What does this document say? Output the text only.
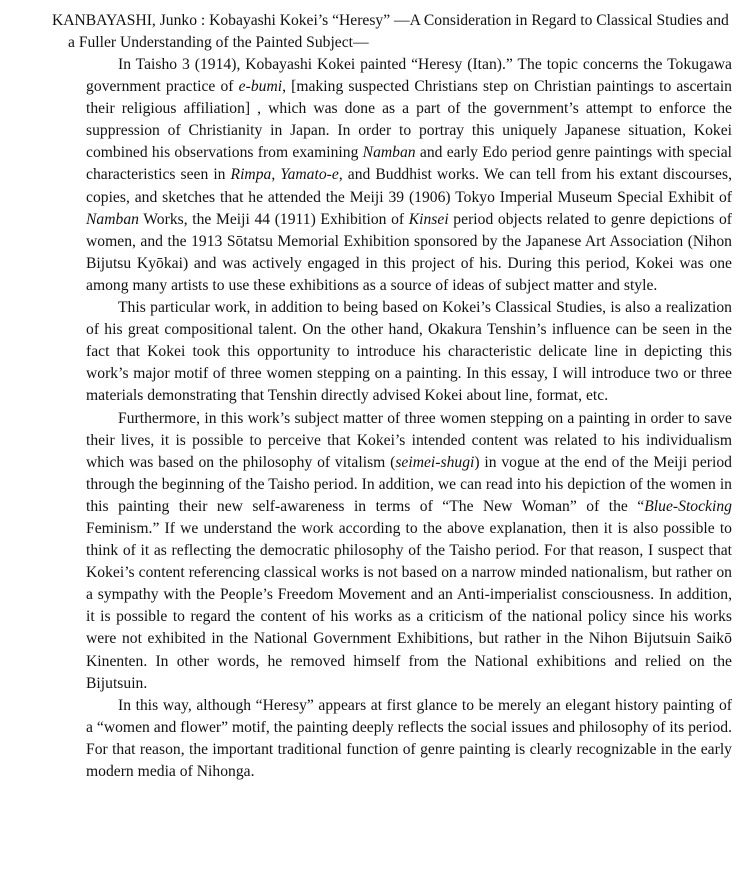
KANBAYASHI, Junko : Kobayashi Kokei’s “Heresy” —A Consideration in Regard to Classical Studies and a Fuller Understanding of the Painted Subject—

In Taisho 3 (1914), Kobayashi Kokei painted “Heresy (Itan).” The topic concerns the Tokugawa government practice of e-bumi, [making suspected Christians step on Christian paintings to ascertain their religious affiliation] , which was done as a part of the government’s attempt to enforce the suppression of Christianity in Japan. In order to portray this uniquely Japanese situation, Kokei combined his observations from examining Namban and early Edo period genre paintings with special characteristics seen in Rimpa, Yamato-e, and Buddhist works. We can tell from his extant discourses, copies, and sketches that he attended the Meiji 39 (1906) Tokyo Imperial Museum Special Exhibit of Namban Works, the Meiji 44 (1911) Exhibition of Kinsei period objects related to genre depictions of women, and the 1913 Sōtatsu Memorial Exhibition sponsored by the Japanese Art Association (Nihon Bijutsu Kyōkai) and was actively engaged in this project of his. During this period, Kokei was one among many artists to use these exhibitions as a source of ideas of subject matter and style.

This particular work, in addition to being based on Kokei’s Classical Studies, is also a realization of his great compositional talent. On the other hand, Okakura Tenshin’s influence can be seen in the fact that Kokei took this opportunity to introduce his characteristic delicate line in depicting this work’s major motif of three women stepping on a painting. In this essay, I will introduce two or three materials demonstrating that Tenshin directly advised Kokei about line, format, etc.

Furthermore, in this work’s subject matter of three women stepping on a painting in order to save their lives, it is possible to perceive that Kokei’s intended content was related to his individualism which was based on the philosophy of vitalism (seimei-shugi) in vogue at the end of the Meiji period through the beginning of the Taisho period. In addition, we can read into his depiction of the women in this painting their new self-awareness in terms of “The New Woman” of the “Blue-Stocking Feminism.” If we understand the work according to the above explanation, then it is also possible to think of it as reflecting the democratic philosophy of the Taisho period. For that reason, I suspect that Kokei’s content referencing classical works is not based on a narrow minded nationalism, but rather on a sympathy with the People’s Freedom Movement and an Anti-imperialist consciousness. In addition, it is possible to regard the content of his works as a criticism of the national policy since his works were not exhibited in the National Government Exhibitions, but rather in the Nihon Bijutsuin Saikō Kinenten. In other words, he removed himself from the National exhibitions and relied on the Bijutsuin.

In this way, although “Heresy” appears at first glance to be merely an elegant history painting of a “women and flower” motif, the painting deeply reflects the social issues and philosophy of its period. For that reason, the important traditional function of genre painting is clearly recognizable in the early modern media of Nihonga.
